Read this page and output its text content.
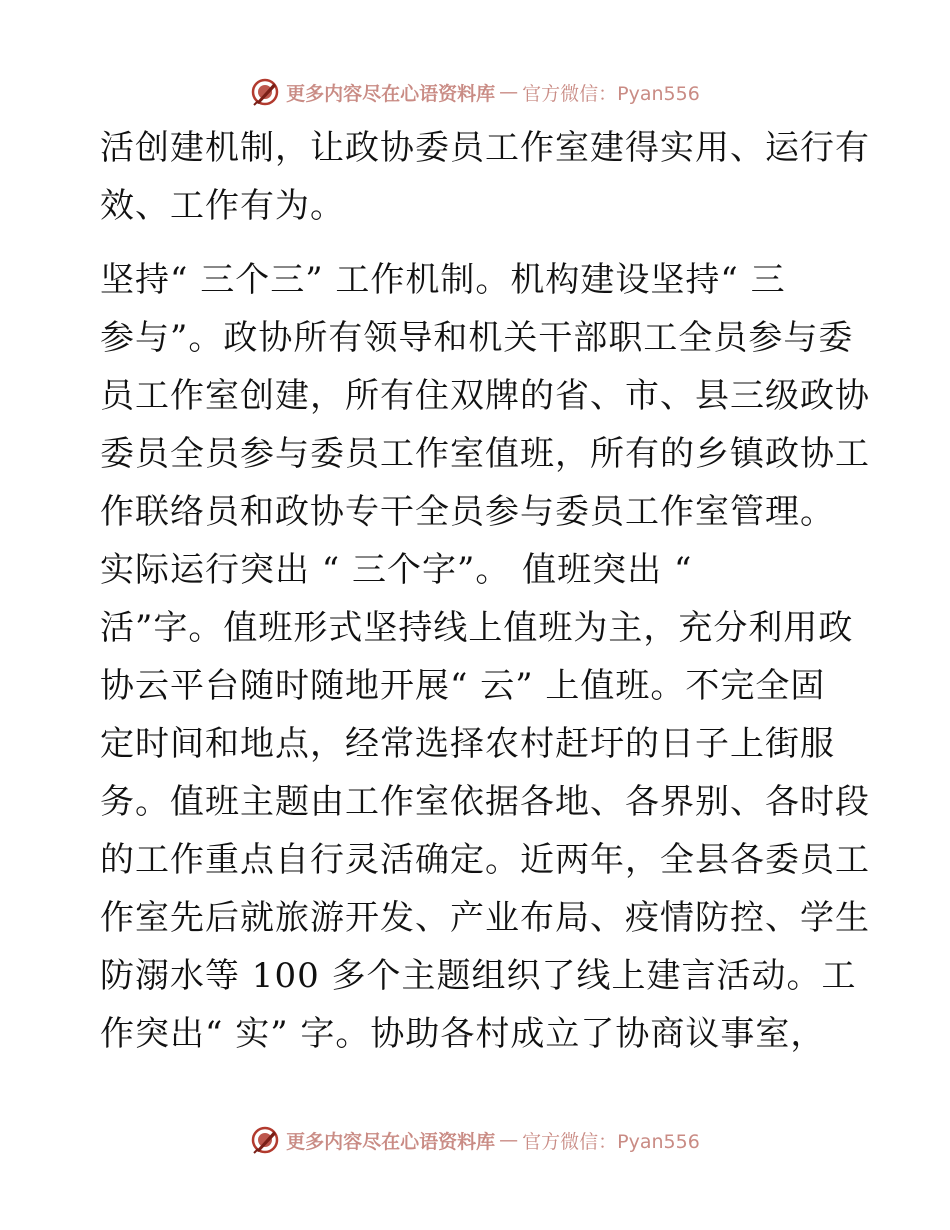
更多内容尽在心语资料库 — 官方微信：Pyan556
活创建机制，让政协委员工作室建得实用、运行有
效、工作有为。
坚持“ 三个三” 工作机制。机构建设坚持“ 三
参与”。政协所有领导和机关干部职工全员参与委
员工作室创建，所有住双牌的省、市、县三级政协
委员全员参与委员工作室值班，所有的乡镇政协工
作联络员和政协专干全员参与委员工作室管理。
实际运行突出 “ 三个字”。 值班突出 “
活”字。值班形式坚持线上值班为主，充分利用政
协云平台随时随地开展“ 云” 上值班。不完全固
定时间和地点，经常选择农村赶圩的日子上街服
务。值班主题由工作室依据各地、各界别、各时段
的工作重点自行灵活确定。近两年，全县各委员工
作室先后就旅游开发、产业布局、疫情防控、学生
防溺水等 100 多个主题组织了线上建言活动。工
作突出“ 实” 字。协助各村成立了协商议事室，
更多内容尽在心语资料库 — 官方微信：Pyan556
